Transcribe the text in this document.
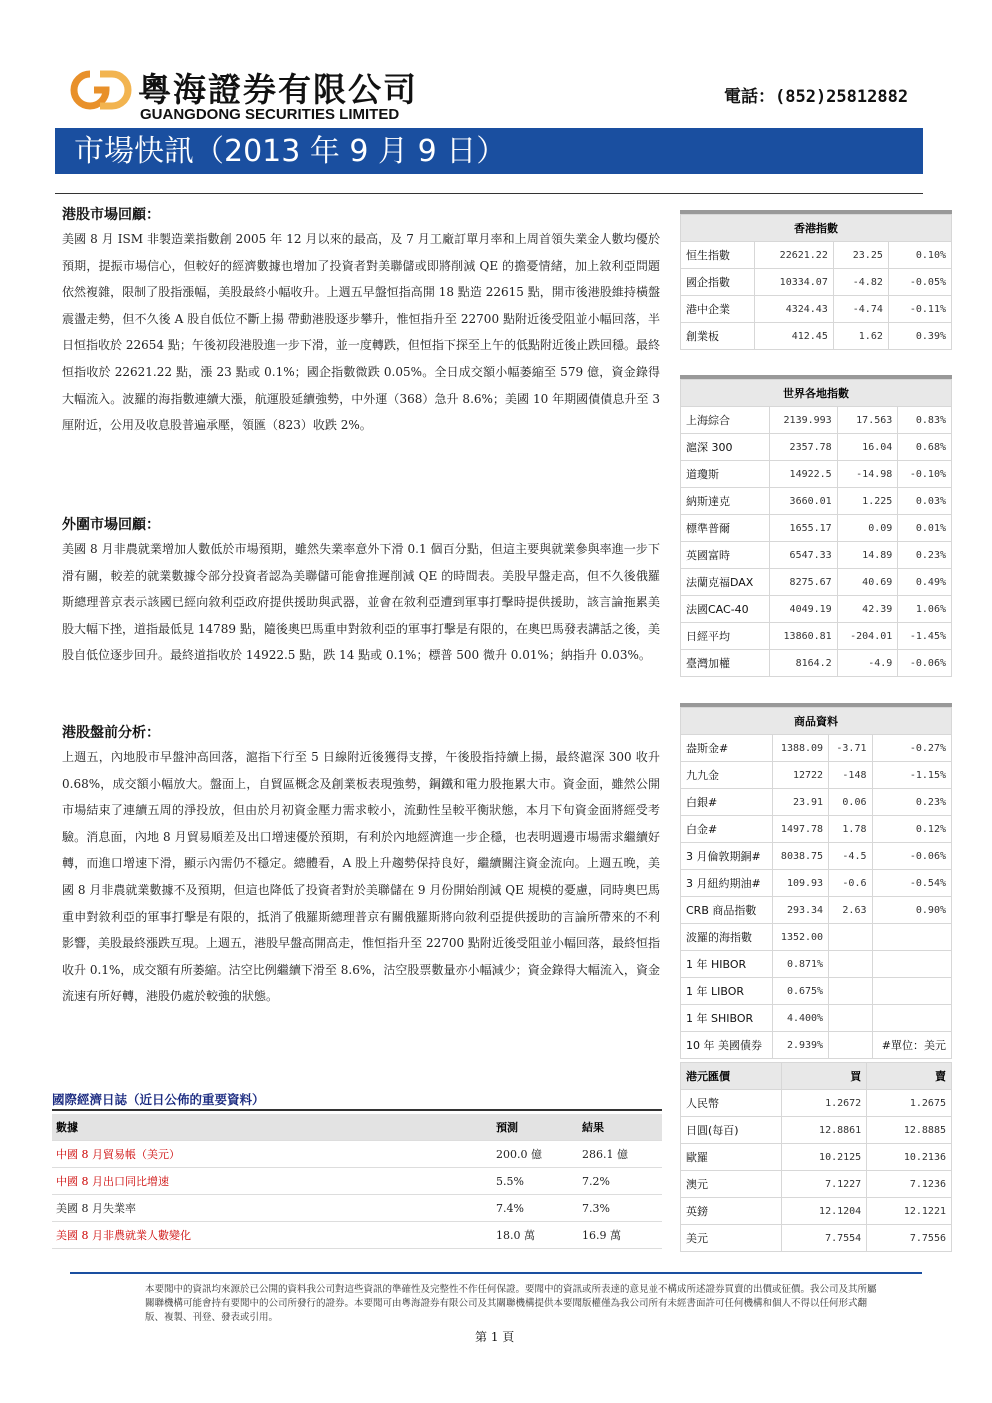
粵海證券有限公司
GUANGDONG SECURITIES LIMITED
電話：(852)25812882
市場快訊（2013 年 9 月 9 日）
港股市場回顧：
美國 8 月 ISM 非製造業指數創 2005 年 12 月以來的最高，及 7 月工廠訂單月率和上周首領失業金人數均優於預期，提振市場信心，但較好的經濟數據也增加了投資者對美聯儲或即將削減 QE 的擔憂情緒，加上敘利亞問題依然複雜，限制了股指漲幅，美股最終小幅收升。上週五早盤恒指高開 18 點造 22615 點，開市後港股維持橫盤震盪走勢，但不久後 A 股自低位不斷上揚 帶動港股逐步攀升，惟恒指升至 22700 點附近後受阻並小幅回落，半日恒指收於 22654 點；午後初段港股進一步下滑，並一度轉跌，但恒指下探至上午的低點附近後止跌回穩。最終恒指收於 22621.22 點，漲 23 點或 0.1%；國企指數微跌 0.05%。全日成交額小幅萎縮至 579 億，資金錄得大幅流入。波羅的海指數連續大漲，航運股延續強勢，中外運（368）急升 8.6%；美國 10 年期國債債息升至 3 厘附近，公用及收息股普遍承壓，領匯（823）收跌 2%。
外圍市場回顧：
美國 8 月非農就業增加人數低於市場預期，雖然失業率意外下滑 0.1 個百分點，但這主要與就業參與率進一步下滑有關，較差的就業數據令部分投資者認為美聯儲可能會推遲削減 QE 的時間表。美股早盤走高，但不久後俄羅斯總理普京表示該國已經向敘利亞政府提供援助與武器，並會在敘利亞遭到軍事打擊時提供援助，該言論拖累美股大幅下挫，道指最低見 14789 點，隨後奧巴馬重申對敘利亞的軍事打擊是有限的，在奧巴馬發表講話之後，美股自低位逐步回升。最終道指收於 14922.5 點，跌 14 點或 0.1%；標普 500 微升 0.01%；納指升 0.03%。
港股盤前分析：
上週五，內地股市早盤沖高回落，滬指下行至 5 日線附近後獲得支撐，午後股指持續上揚，最終滬深 300 收升 0.68%，成交額小幅放大。盤面上，自貿區概念及創業板表現強勢，鋼鐵和電力股拖累大市。資金面，雖然公開市場結束了連續五周的淨投放，但由於月初資金壓力需求較小，流動性呈較平衡狀態，本月下旬資金面將經受考驗。消息面，內地 8 月貿易順差及出口增速優於預期，有利於內地經濟進一步企穩，也表明週邊市場需求繼續好轉，而進口增速下滑，顯示內需仍不穩定。總體看，A 股上升趨勢保持良好，繼續關注資金流向。上週五晚，美國 8 月非農就業數據不及預期，但這也降低了投資者對於美聯儲在 9 月份開始削減 QE 規模的憂慮，同時奧巴馬重申對敘利亞的軍事打擊是有限的，抵消了俄羅斯總理普京有關俄羅斯將向敘利亞提供援助的言論所帶來的不利影響，美股最終漲跌互現。上週五，港股早盤高開高走，惟恒指升至 22700 點附近後受阻並小幅回落，最終恒指收升 0.1%，成交額有所萎縮。沽空比例繼續下滑至 8.6%，沽空股票數量亦小幅減少；資金錄得大幅流入，資金流速有所好轉，港股仍處於較強的狀態。
香港指數			
恒生指數	22621.22	23.25	0.10%
國企指數	10334.07	-4.82	-0.05%
港中企業	4324.43	-4.74	-0.11%
創業板	412.45	1.62	0.39%
世界各地指數			
上海綜合	2139.993	17.563	0.83%
滬深 300	2357.78	16.04	0.68%
道瓊斯	14922.5	-14.98	-0.10%
納斯達克	3660.01	1.225	0.03%
標準普爾	1655.17	0.09	0.01%
英國富時	6547.33	14.89	0.23%
法蘭克福DAX	8275.67	40.69	0.49%
法國CAC-40	4049.19	42.39	1.06%
日經平均	13860.81	-204.01	-1.45%
臺灣加權	8164.2	-4.9	-0.06%
商品資料			
盎斯金#	1388.09	-3.71	-0.27%
九九金	12722	-148	-1.15%
白銀#	23.91	0.06	0.23%
白金#	1497.78	1.78	0.12%
3 月倫敦期銅#	8038.75	-4.5	-0.06%
3 月紐約期油#	109.93	-0.6	-0.54%
CRB 商品指數	293.34	2.63	0.90%
波羅的海指數	1352.00		
1 年 HIBOR	0.871%		
1 年 LIBOR	0.675%		
1 年 SHIBOR	4.400%		
10 年 美國債券	2.939%		#單位：美元
港元匯價	買	賣
人民幣	1.2672	1.2675
日圓(每百)	12.8861	12.8885
歐羅	10.2125	10.2136
澳元	7.1227	7.1236
英鎊	12.1204	12.1221
美元	7.7554	7.7556
國際經濟日誌（近日公佈的重要資料）
數據	預測	結果
中國 8 月貿易帳（美元）	200.0 億	286.1 億
中國 8 月出口同比增速	5.5%	7.2%
美國 8 月失業率	7.4%	7.3%
美國 8 月非農就業人數變化	18.0 萬	16.9 萬
本要聞中的資訊均來源於已公開的資料我公司對這些資訊的準確性及完整性不作任何保證。要聞中的資訊或所表達的意見並不構成所述證券買賣的出價或征價。我公司及其所屬關聯機構可能會持有要聞中的公司所發行的證券。本要聞可由粵海證券有限公司及其關聯機構提供本要聞版權僅為我公司所有未經書面許可任何機構和個人不得以任何形式翻版、複製、刊登、發表或引用。
第 1 頁
